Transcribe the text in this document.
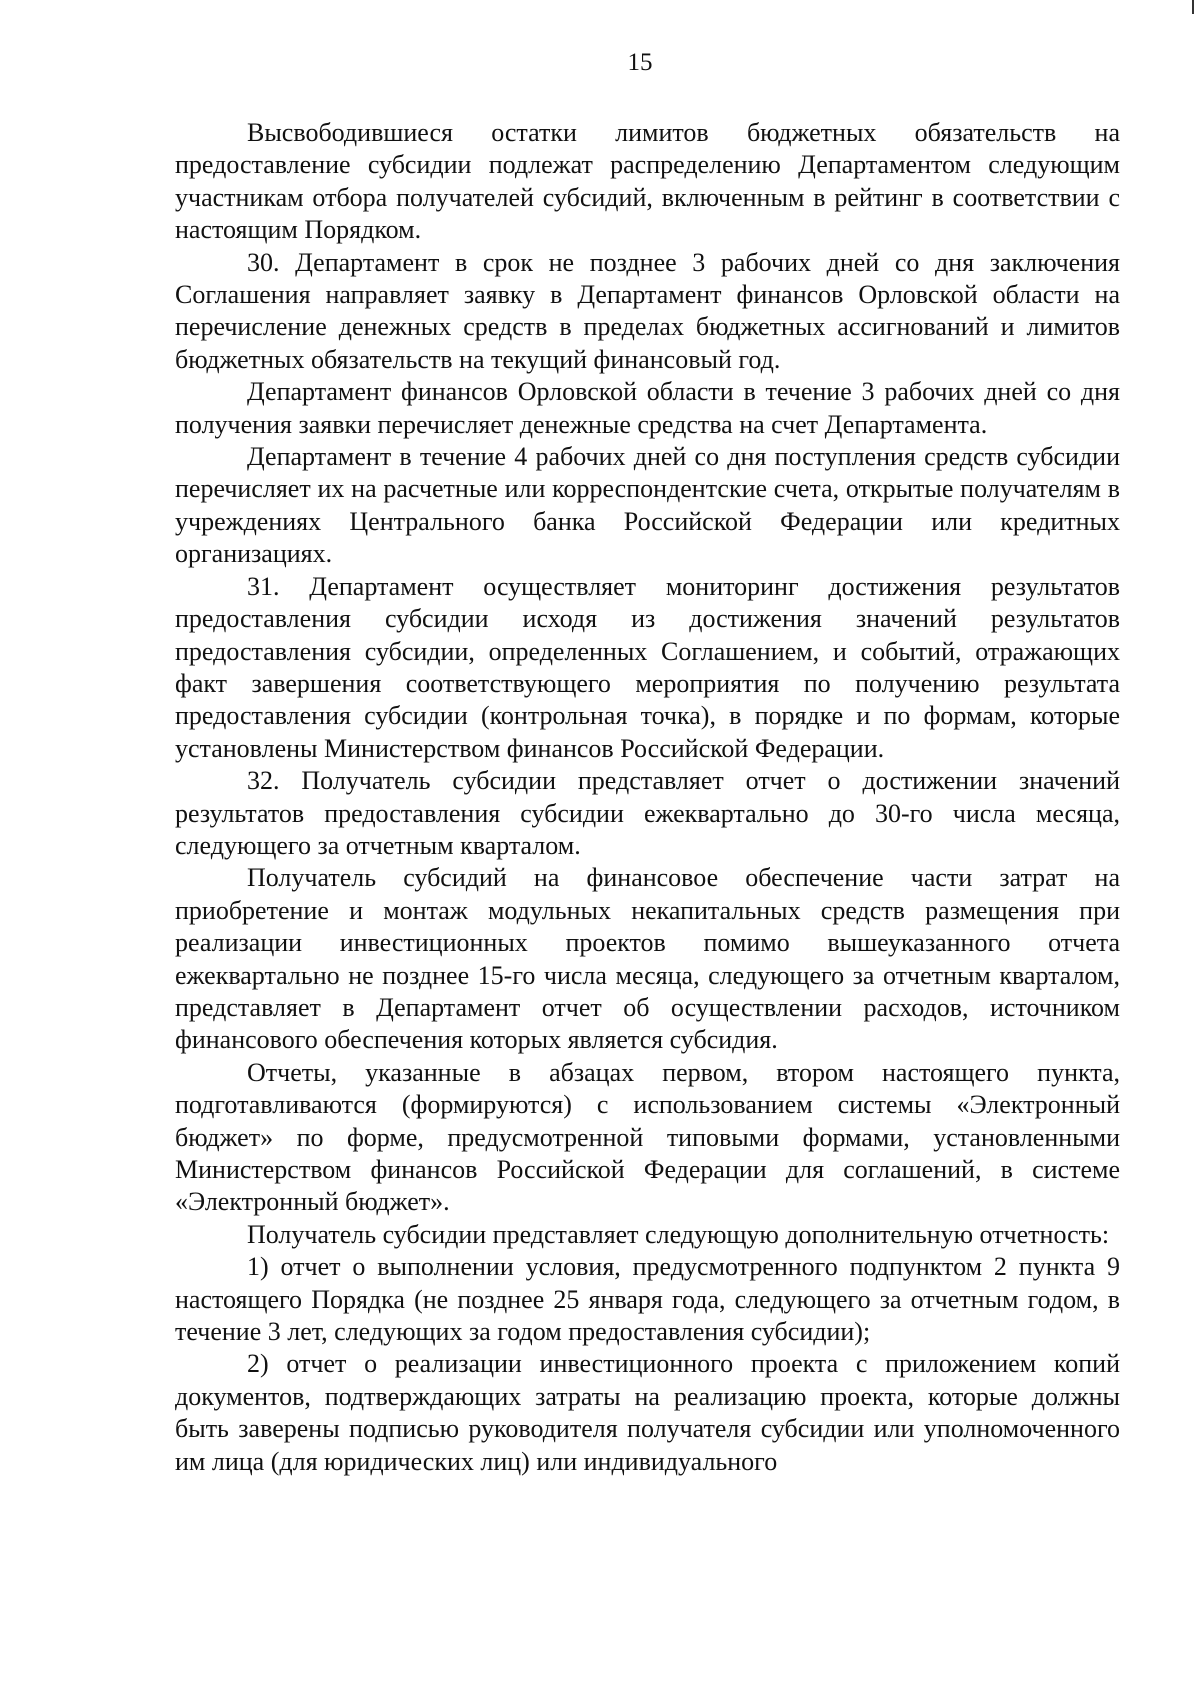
15

Высвободившиеся остатки лимитов бюджетных обязательств на предоставление субсидии подлежат распределению Департаментом следующим участникам отбора получателей субсидий, включенным в рейтинг в соответствии с настоящим Порядком.

30. Департамент в срок не позднее 3 рабочих дней со дня заключения Соглашения направляет заявку в Департамент финансов Орловской области на перечисление денежных средств в пределах бюджетных ассигнований и лимитов бюджетных обязательств на текущий финансовый год.

Департамент финансов Орловской области в течение 3 рабочих дней со дня получения заявки перечисляет денежные средства на счет Департамента.

Департамент в течение 4 рабочих дней со дня поступления средств субсидии перечисляет их на расчетные или корреспондентские счета, открытые получателям в учреждениях Центрального банка Российской Федерации или кредитных организациях.

31. Департамент осуществляет мониторинг достижения результатов предоставления субсидии исходя из достижения значений результатов предоставления субсидии, определенных Соглашением, и событий, отражающих факт завершения соответствующего мероприятия по получению результата предоставления субсидии (контрольная точка), в порядке и по формам, которые установлены Министерством финансов Российской Федерации.

32. Получатель субсидии представляет отчет о достижении значений результатов предоставления субсидии ежеквартально до 30-го числа месяца, следующего за отчетным кварталом.

Получатель субсидий на финансовое обеспечение части затрат на приобретение и монтаж модульных некапитальных средств размещения при реализации инвестиционных проектов помимо вышеуказанного отчета ежеквартально не позднее 15-го числа месяца, следующего за отчетным кварталом, представляет в Департамент отчет об осуществлении расходов, источником финансового обеспечения которых является субсидия.

Отчеты, указанные в абзацах первом, втором настоящего пункта, подготавливаются (формируются) с использованием системы «Электронный бюджет» по форме, предусмотренной типовыми формами, установленными Министерством финансов Российской Федерации для соглашений, в системе «Электронный бюджет».

Получатель субсидии представляет следующую дополнительную отчетность:

1) отчет о выполнении условия, предусмотренного подпунктом 2 пункта 9 настоящего Порядка (не позднее 25 января года, следующего за отчетным годом, в течение 3 лет, следующих за годом предоставления субсидии);

2) отчет о реализации инвестиционного проекта с приложением копий документов, подтверждающих затраты на реализацию проекта, которые должны быть заверены подписью руководителя получателя субсидии или уполномоченного им лица (для юридических лиц) или индивидуального
